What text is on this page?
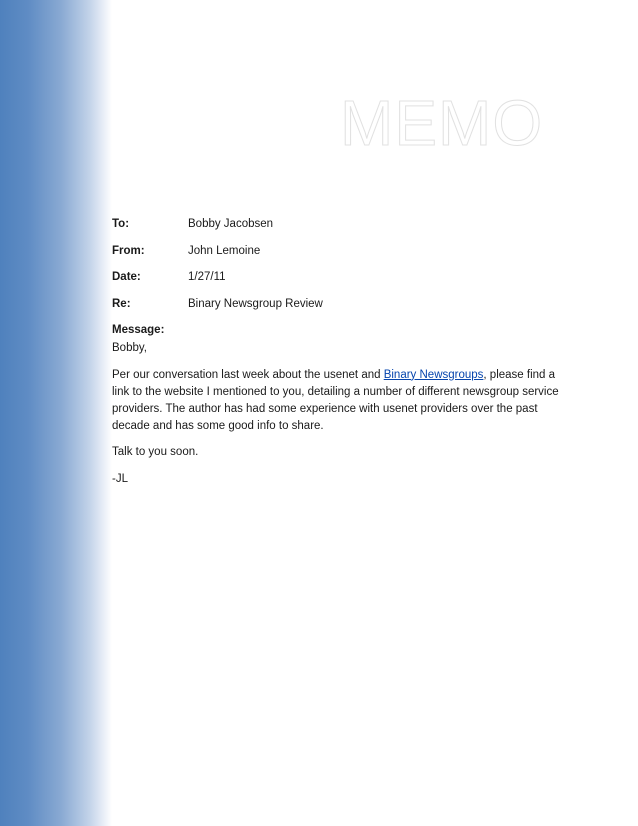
MEMO
To:	Bobby Jacobsen
From:	John Lemoine
Date:	1/27/11
Re:	Binary Newsgroup Review
Message:

Bobby,

Per our conversation last week about the usenet and Binary Newsgroups, please find a link to the website I mentioned to you, detailing a number of different newsgroup service providers. The author has had some experience with usenet providers over the past decade and has some good info to share.

Talk to you soon.

-JL
